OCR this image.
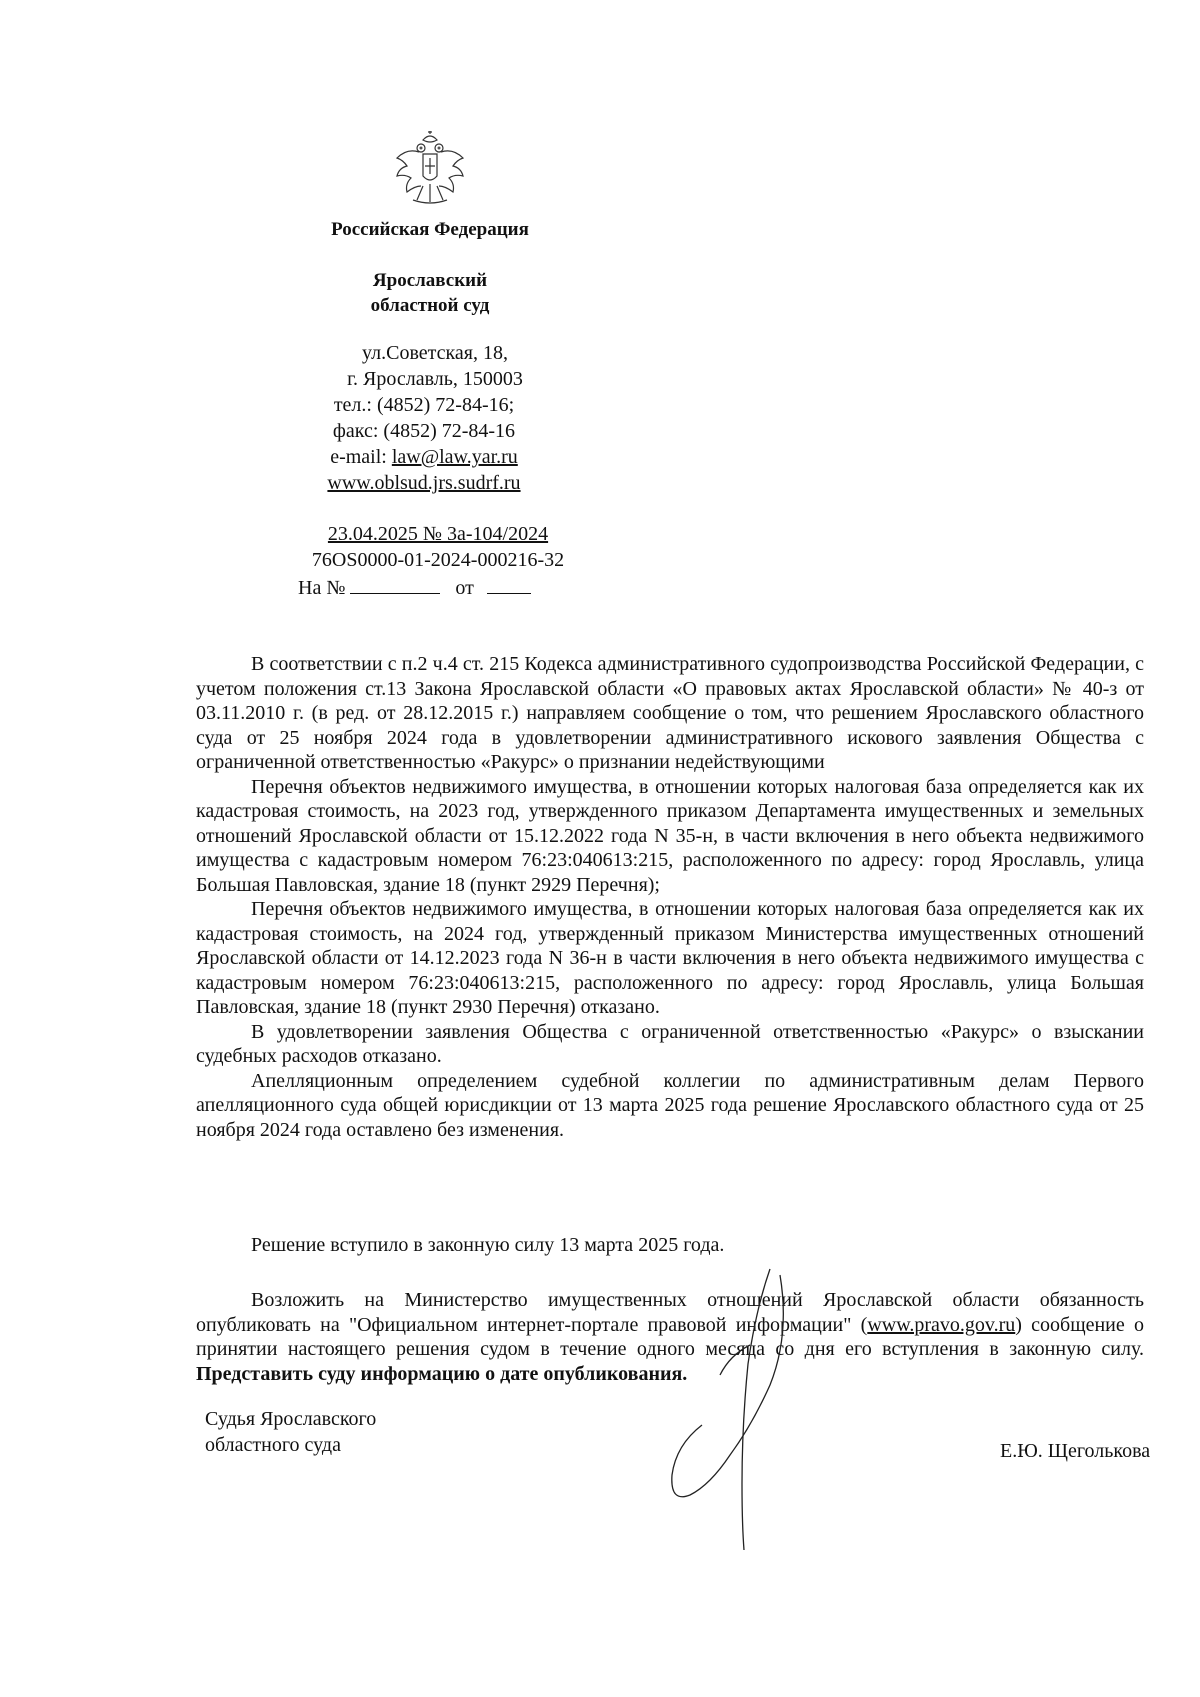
Российская Федерация
Ярославский
областной суд
ул.Советская, 18,
г. Ярославль, 150003
тел.: (4852) 72-84-16;
факс: (4852) 72-84-16
e-mail: law@law.yar.ru
www.oblsud.jrs.sudrf.ru
23.04.2025 № 3а-104/2024
76OS0000-01-2024-000216-32
На №	от

В соответствии с п.2 ч.4 ст. 215 Кодекса административного судопроизводства Российской Федерации, с учетом положения ст.13 Закона Ярославской области «О правовых актах Ярославской области» № 40-з от 03.11.2010 г. (в ред. от 28.12.2015 г.) направляем сообщение о том, что решением Ярославского областного суда от 25 ноября 2024 года в удовлетворении административного искового заявления Общества с ограниченной ответственностью «Ракурс» о признании недействующими

Перечня объектов недвижимого имущества, в отношении которых налоговая база определяется как их кадастровая стоимость, на 2023 год, утвержденного приказом Департамента имущественных и земельных отношений Ярославской области от 15.12.2022 года N 35-н, в части включения в него объекта недвижимого имущества с кадастровым номером 76:23:040613:215, расположенного по адресу: город Ярославль, улица Большая Павловская, здание 18 (пункт 2929 Перечня);

Перечня объектов недвижимого имущества, в отношении которых налоговая база определяется как их кадастровая стоимость, на 2024 год, утвержденный приказом Министерства имущественных отношений Ярославской области от 14.12.2023 года N 36-н в части включения в него объекта недвижимого имущества с кадастровым номером 76:23:040613:215, расположенного по адресу: город Ярославль, улица Большая Павловская, здание 18 (пункт 2930 Перечня) отказано.

В удовлетворении заявления Общества с ограниченной ответственностью «Ракурс» о взыскании судебных расходов отказано.

Апелляционным определением судебной коллегии по административным делам Первого апелляционного суда общей юрисдикции от 13 марта 2025 года решение Ярославского областного суда от 25 ноября 2024 года оставлено без изменения.

Решение вступило в законную силу 13 марта 2025 года.

Возложить на Министерство имущественных отношений Ярославской области обязанность опубликовать на "Официальном интернет-портале правовой информации" (www.pravo.gov.ru) сообщение о принятии настоящего решения судом в течение одного месяца со дня его вступления в законную силу. Представить суду информацию о дате опубликования.

Судья Ярославского
областного суда	Е.Ю. Щеголькова
